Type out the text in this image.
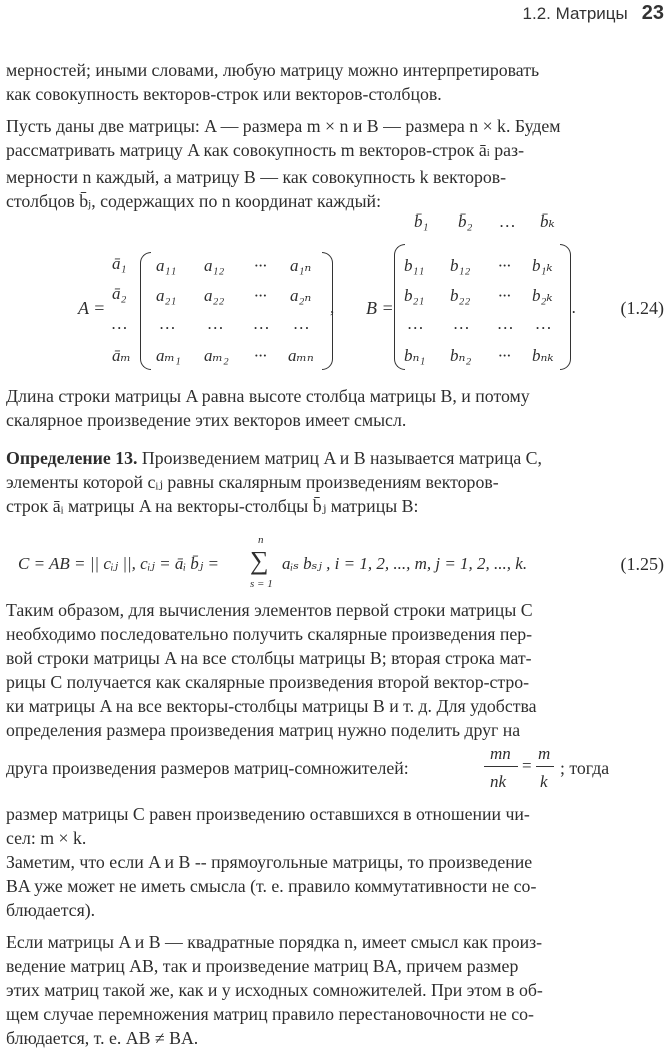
1.2. Матрицы 23
мерностей; иными словами, любую матрицу можно интерпретировать
как совокупность векторов-строк или векторов-столбцов.
Пусть даны две матрицы: A — размера m × n и B — размера n × k. Будем
рассматривать матрицу A как совокупность m векторов-строк āi раз-
мерности n каждый, а матрицу B — как совокупность k векторов-
столбцов b̄j, содержащих по n координат каждый:
b̄₁ b̄₂ … b̄ₖ
ā₁
ā₂
…
āₘ
A =
a₁₁ a₁₂ ··· a₁ₙ
a₂₁ a₂₂ ··· a₂ₙ
… … … …
aₘ₁ aₘ₂ ··· aₘₙ
, B =
b₁₁ b₁₂ ··· b₁ₖ
b₂₁ b₂₂ ··· b₂ₖ
… … … …
bₙ₁ bₙ₂ ··· bₙₖ
. (1.24)
Длина строки матрицы A равна высоте столбца матрицы B, и потому
скалярное произведение этих векторов имеет смысл.
Определение 13. Произведением матриц A и B называется матрица C,
элементы которой cᵢⱼ равны скалярным произведениям векторов-
строк āᵢ матрицы A на векторы-столбцы b̄ⱼ матрицы B:
C = AB = || cᵢⱼ ||, cᵢⱼ = āᵢ b̄ⱼ =
n
∑
s = 1
aᵢₛ bₛⱼ , i = 1, 2, ..., m, j = 1, 2, ..., k.	(1.25)
Таким образом, для вычисления элементов первой строки матрицы C
необходимо последовательно получить скалярные произведения пер-
вой строки матрицы A на все столбцы матрицы B; вторая строка мат-
рицы C получается как скалярные произведения второй вектор-стро-
ки матрицы A на все векторы-столбцы матрицы B и т. д. Для удобства
определения размера произведения матриц нужно поделить друг на
друга произведения размеров матриц-сомножителей:
mn
nk
=
m
k
; тогда
размер матрицы C равен произведению оставшихся в отношении чи-
сел: m × k.
Заметим, что если A и B -- прямоугольные матрицы, то произведение
BA уже может не иметь смысла (т. е. правило коммутативности не со-
блюдается).
Если матрицы A и B — квадратные порядка n, имеет смысл как произ-
ведение матриц AB, так и произведение матриц BA, причем размер
этих матриц такой же, как и у исходных сомножителей. При этом в об-
щем случае перемножения матриц правило перестановочности не со-
блюдается, т. е. AB ≠ BA.
